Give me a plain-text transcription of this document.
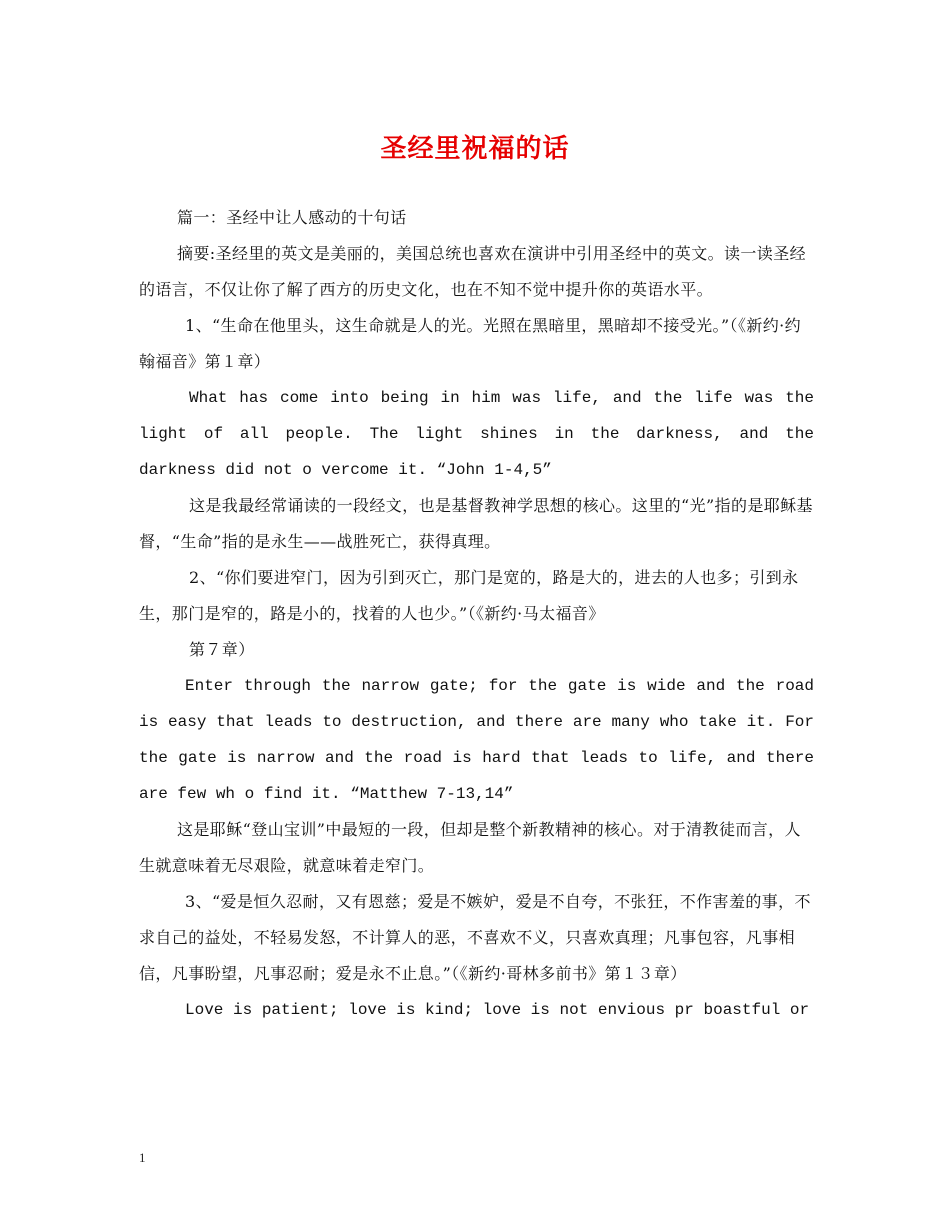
圣经里祝福的话

篇一：圣经中让人感动的十句话

摘要:圣经里的英文是美丽的，美国总统也喜欢在演讲中引用圣经中的英文。读一读圣经的语言，不仅让你了解了西方的历史文化，也在不知不觉中提升你的英语水平。

1、“生命在他里头，这生命就是人的光。光照在黑暗里，黑暗却不接受光。”（《新约·约翰福音》第１章）

What has come into being in him was life, and the life was the light of all people. The light shines in the darkness, and the darkness did not o vercome it. “John 1-4,5”

这是我最经常诵读的一段经文，也是基督教神学思想的核心。这里的“光”指的是耶稣基督，“生命”指的是永生——战胜死亡，获得真理。

2、“你们要进窄门，因为引到灭亡，那门是宽的，路是大的，进去的人也多；引到永生，那门是窄的，路是小的，找着的人也少。”（《新约·马太福音》

第７章）

Enter through the narrow gate; for the gate is wide and the road is easy that leads to destruction, and there are many who take it. For the gate is narrow and the road is hard that leads to life, and there are few wh o find it. “Matthew 7-13,14”

这是耶稣“登山宝训”中最短的一段，但却是整个新教精神的核心。对于清教徒而言，人生就意味着无尽艰险，就意味着走窄门。

3、“爱是恒久忍耐，又有恩慈；爱是不嫉妒，爱是不自夸，不张狂，不作害羞的事，不求自己的益处，不轻易发怒，不计算人的恶，不喜欢不义，只喜欢真理；凡事包容，凡事相信，凡事盼望，凡事忍耐；爱是永不止息。”（《新约·哥林多前书》第１３章）

Love is patient; love is kind; love is not envious pr boastful or

1
